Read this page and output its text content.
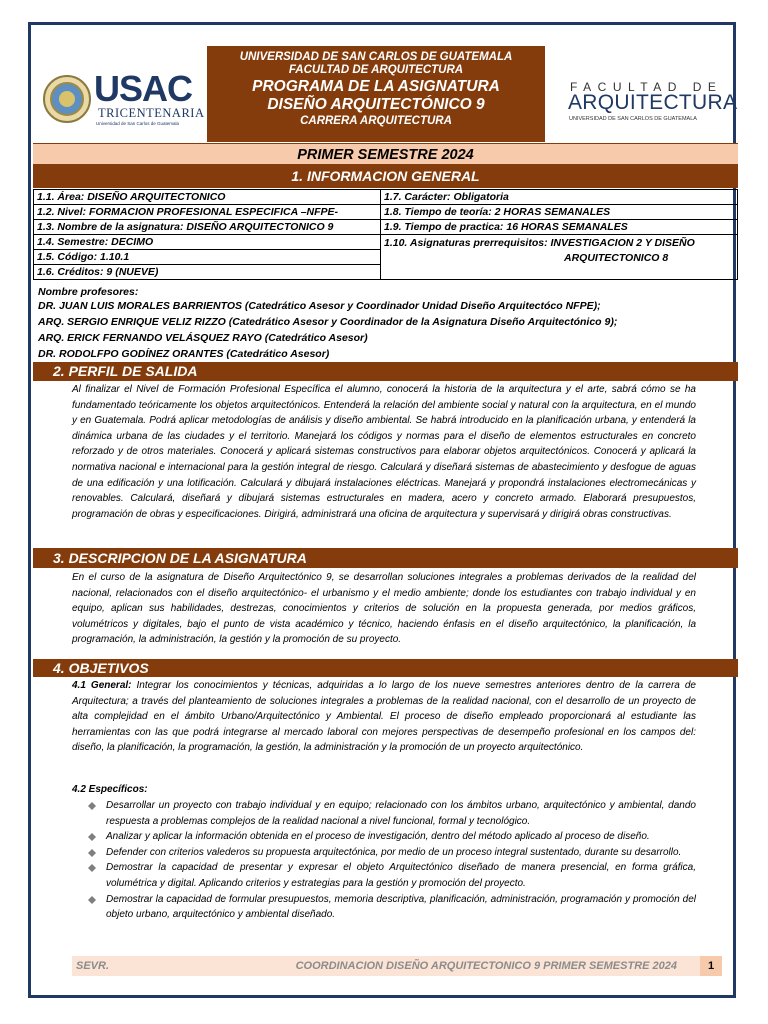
USAC
TRICENTENARIA
Universidad de San Carlos de Guatemala
UNIVERSIDAD DE SAN CARLOS DE GUATEMALA
FACULTAD DE ARQUITECTURA
PROGRAMA DE LA ASIGNATURA
DISEÑO ARQUITECTÓNICO 9
CARRERA ARQUITECTURA
FACULTAD DE
ARQUITECTURA
UNIVERSIDAD DE SAN CARLOS DE GUATEMALA
PRIMER SEMESTRE 2024
1. INFORMACION GENERAL
1.1. Área: DISEÑO ARQUITECTONICO	1.7. Carácter: Obligatoria
1.2. Nivel: FORMACION PROFESIONAL ESPECIFICA –NFPE-	1.8. Tiempo de teoría: 2 HORAS SEMANALES
1.3. Nombre de la asignatura: DISEÑO ARQUITECTONICO 9	1.9. Tiempo de practica: 16 HORAS SEMANALES
1.4. Semestre: DECIMO	1.10. Asignaturas prerrequisitos: INVESTIGACION 2 Y DISEÑO
ARQUITECTONICO 8

1.5. Código: 1.10.1	
1.6. Créditos: 9 (NUEVE)	
Nombre profesores:
DR. JUAN LUIS MORALES BARRIENTOS (Catedrático Asesor y Coordinador Unidad Diseño Arquitectóco NFPE);
ARQ. SERGIO ENRIQUE VELIZ RIZZO (Catedrático Asesor y Coordinador de la Asignatura Diseño Arquitectónico 9);
ARQ. ERICK FERNANDO VELÁSQUEZ RAYO (Catedrático Asesor)
DR. RODOLFPO GODÍNEZ ORANTES (Catedrático Asesor)
2. PERFIL DE SALIDA
Al finalizar el Nivel de Formación Profesional Específica el alumno, conocerá la historia de la arquitectura y el arte, sabrá cómo se ha fundamentado teóricamente los objetos arquitectónicos. Entenderá la relación del ambiente social y natural con la arquitectura, en el mundo y en Guatemala. Podrá aplicar metodologías de análisis y diseño ambiental. Se habrá introducido en la planificación urbana, y entenderá la dinámica urbana de las ciudades y el territorio. Manejará los códigos y normas para el diseño de elementos estructurales en concreto reforzado y de otros materiales. Conocerá y aplicará sistemas constructivos para elaborar objetos arquitectónicos. Conocerá y aplicará la normativa nacional e internacional para la gestión integral de riesgo. Calculará y diseñará sistemas de abastecimiento y desfogue de aguas de una edificación y una lotificación. Calculará y dibujará instalaciones eléctricas. Manejará y propondrá instalaciones electromecánicas y renovables. Calculará, diseñará y dibujará sistemas estructurales en madera, acero y concreto armado. Elaborará presupuestos, programación de obras y especificaciones. Dirigirá, administrará una oficina de arquitectura y supervisará y dirigirá obras constructivas.
3. DESCRIPCION DE LA ASIGNATURA
En el curso de la asignatura de Diseño Arquitectónico 9, se desarrollan soluciones integrales a problemas derivados de la realidad del nacional, relacionados con el diseño arquitectónico- el urbanismo y el medio ambiente; donde los estudiantes con trabajo individual y en equipo, aplican sus habilidades, destrezas, conocimientos y criterios de solución en la propuesta generada, por medios gráficos, volumétricos y digitales, bajo el punto de vista académico y técnico, haciendo énfasis en el diseño arquitectónico, la planificación, la programación, la administración, la gestión y la promoción de su proyecto.
4. OBJETIVOS
4.1 General: Integrar los conocimientos y técnicas, adquiridas a lo largo de los nueve semestres anteriores dentro de la carrera de Arquitectura; a través del planteamiento de soluciones integrales a problemas de la realidad nacional, con el desarrollo de un proyecto de alta complejidad en el ámbito Urbano/Arquitectónico y Ambiental. El proceso de diseño empleado proporcionará al estudiante las herramientas con las que podrá integrarse al mercado laboral con mejores perspectivas de desempeño profesional en los campos del: diseño, la planificación, la programación, la gestión, la administración y la promoción de un proyecto arquitectónico.
4.2 Específicos:
Desarrollar un proyecto con trabajo individual y en equipo; relacionado con los ámbitos urbano, arquitectónico y ambiental, dando respuesta a problemas complejos de la realidad nacional a nivel funcional, formal y tecnológico.
Analizar y aplicar la información obtenida en el proceso de investigación, dentro del método aplicado al proceso de diseño.
Defender con criterios valederos su propuesta arquitectónica, por medio de un proceso integral sustentado, durante su desarrollo.
Demostrar la capacidad de presentar y expresar el objeto Arquitectónico diseñado de manera presencial, en forma gráfica, volumétrica y digital. Aplicando criterios y estrategias para la gestión y promoción del proyecto.
Demostrar la capacidad de formular presupuestos, memoria descriptiva, planificación, administración, programación y promoción del objeto urbano, arquitectónico y ambiental diseñado.
SEVR.	COORDINACION DISEÑO ARQUITECTONICO 9 PRIMER SEMESTRE 2024	1
